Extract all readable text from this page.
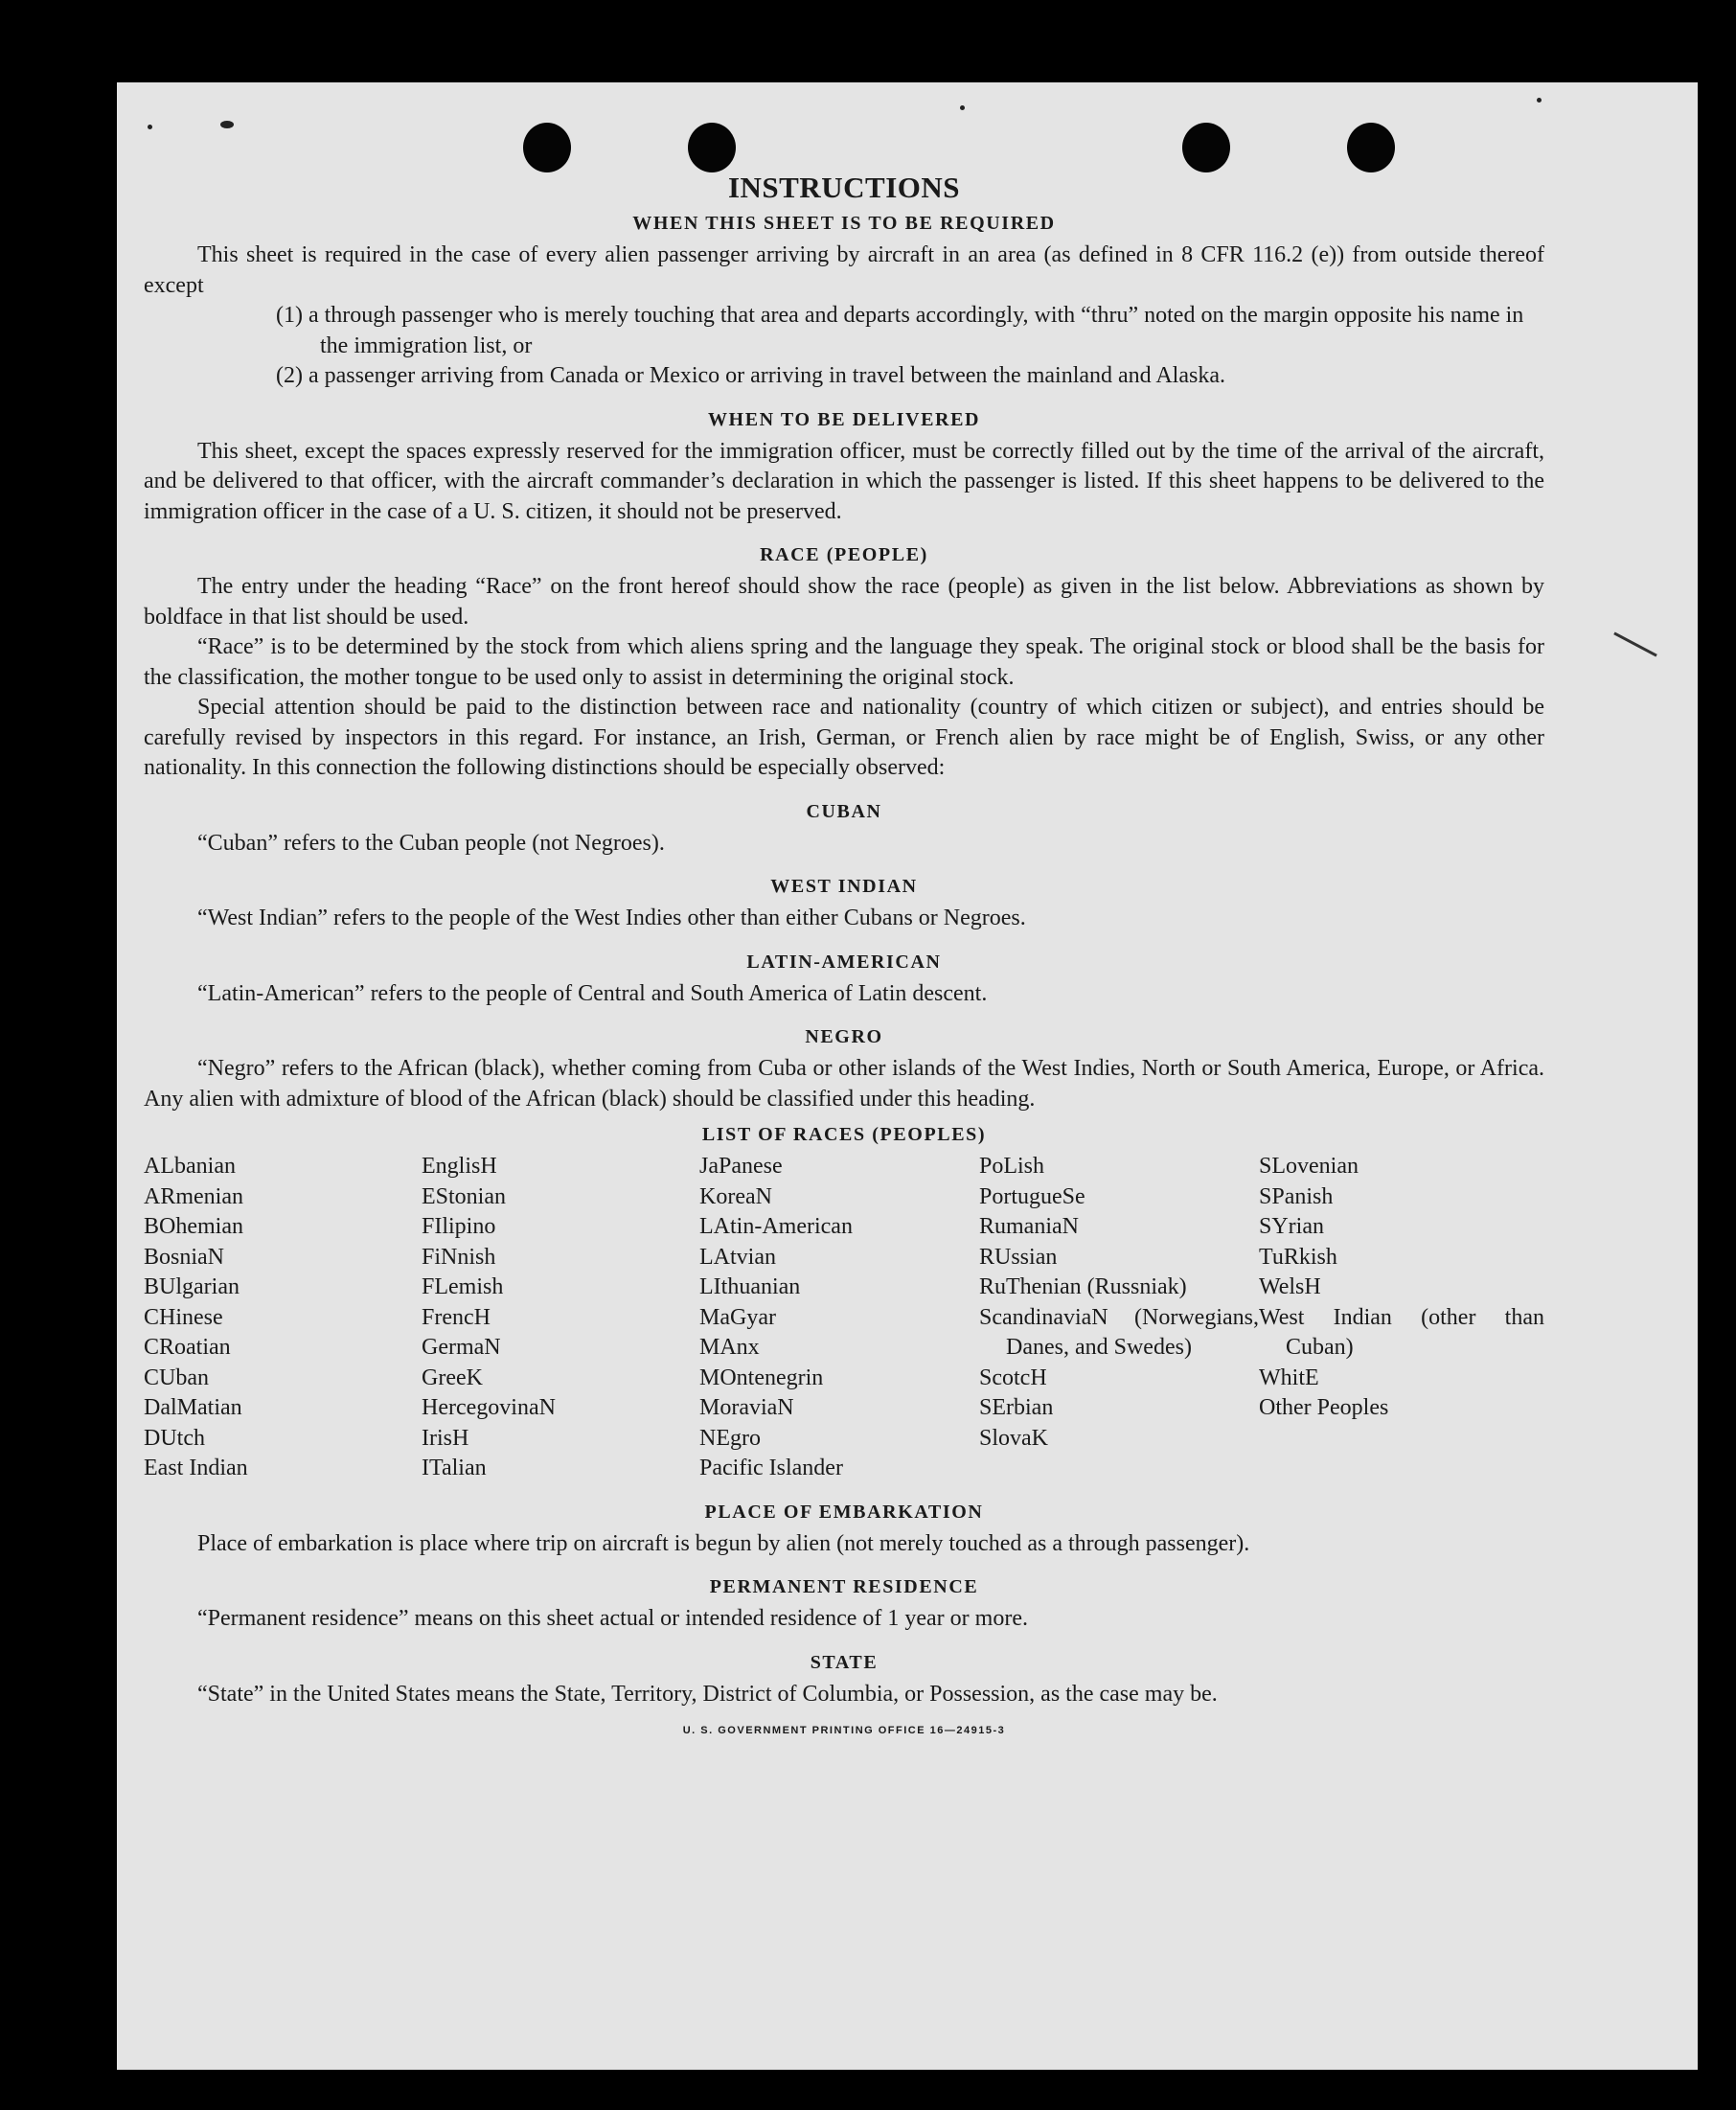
INSTRUCTIONS
WHEN THIS SHEET IS TO BE REQUIRED

This sheet is required in the case of every alien passenger arriving by aircraft in an area (as defined in 8 CFR 116.2 (e)) from outside thereof except

(1) a through passenger who is merely touching that area and departs accordingly, with “thru” noted on the margin opposite his name in the immigration list, or
(2) a passenger arriving from Canada or Mexico or arriving in travel between the mainland and Alaska.
WHEN TO BE DELIVERED

This sheet, except the spaces expressly reserved for the immigration officer, must be correctly filled out by the time of the arrival of the aircraft, and be delivered to that officer, with the aircraft commander’s declaration in which the passenger is listed. If this sheet happens to be delivered to the immigration officer in the case of a U. S. citizen, it should not be preserved.

RACE (PEOPLE)

The entry under the heading “Race” on the front hereof should show the race (people) as given in the list below. Abbreviations as shown by boldface in that list should be used.

“Race” is to be determined by the stock from which aliens spring and the language they speak. The original stock or blood shall be the basis for the classification, the mother tongue to be used only to assist in determining the original stock.

Special attention should be paid to the distinction between race and nationality (country of which citizen or subject), and entries should be carefully revised by inspectors in this regard. For instance, an Irish, German, or French alien by race might be of English, Swiss, or any other nationality. In this connection the following distinctions should be especially observed:

CUBAN

“Cuban” refers to the Cuban people (not Negroes).

WEST INDIAN

“West Indian” refers to the people of the West Indies other than either Cubans or Negroes.

LATIN-AMERICAN

“Latin-American” refers to the people of Central and South America of Latin descent.

NEGRO

“Negro” refers to the African (black), whether coming from Cuba or other islands of the West Indies, North or South America, Europe, or Africa. Any alien with admixture of blood of the African (black) should be classified under this heading.

LIST OF RACES (PEOPLES)
ALbanian
ARmenian
BOhemian
BosniaN
BUlgarian
CHinese
CRoatian
CUban
DalMatian
DUtch
East Indian
EnglisH
EStonian
FIlipino
FiNnish
FLemish
FrencH
GermaN
GreeK
HercegovinaN
IrisH
ITalian
JaPanese
KoreaN
LAtin-American
LAtvian
LIthuanian
MaGyar
MAnx
MOntenegrin
MoraviaN
NEgro
Pacific Islander
PoLish
PortugueSe
RumaniaN
RUssian
RuThenian (Russniak)
ScandinaviaN (Norwegians, Danes, and Swedes)
ScotcH
SErbian
SlovaK
SLovenian
SPanish
SYrian
TuRkish
WelsH
West Indian (other than Cuban)
WhitE
Other Peoples
PLACE OF EMBARKATION

Place of embarkation is place where trip on aircraft is begun by alien (not merely touched as a through passenger).

PERMANENT RESIDENCE

“Permanent residence” means on this sheet actual or intended residence of 1 year or more.

STATE

“State” in the United States means the State, Territory, District of Columbia, or Possession, as the case may be.

U. S. GOVERNMENT PRINTING OFFICE 16—24915-3
